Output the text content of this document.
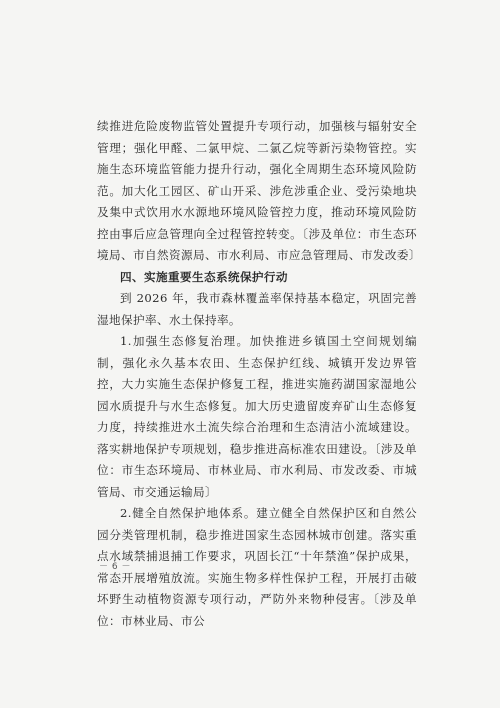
续推进危险废物监管处置提升专项行动，加强核与辐射安全管理；强化甲醛、二氯甲烷、二氯乙烷等新污染物管控。实施生态环境监管能力提升行动，强化全周期生态环境风险防范。加大化工园区、矿山开采、涉危涉重企业、受污染地块及集中式饮用水水源地环境风险管控力度，推动环境风险防控由事后应急管理向全过程管控转变。〔涉及单位：市生态环境局、市自然资源局、市水利局、市应急管理局、市发改委〕

四、实施重要生态系统保护行动

到 2026 年，我市森林覆盖率保持基本稳定，巩固完善湿地保护率、水土保持率。

1.加强生态修复治理。加快推进乡镇国土空间规划编制，强化永久基本农田、生态保护红线、城镇开发边界管控，大力实施生态保护修复工程，推进实施药湖国家湿地公园水质提升与水生态修复。加大历史遗留废弃矿山生态修复力度，持续推进水土流失综合治理和生态清洁小流域建设。落实耕地保护专项规划，稳步推进高标准农田建设。〔涉及单位：市生态环境局、市林业局、市水利局、市发改委、市城管局、市交通运输局〕

2.健全自然保护地体系。建立健全自然保护区和自然公园分类管理机制，稳步推进国家生态园林城市创建。落实重点水域禁捕退捕工作要求，巩固长江“十年禁渔”保护成果，常态开展增殖放流。实施生物多样性保护工程，开展打击破坏野生动植物资源专项行动，严防外来物种侵害。〔涉及单位：市林业局、市公

－ 6 －
